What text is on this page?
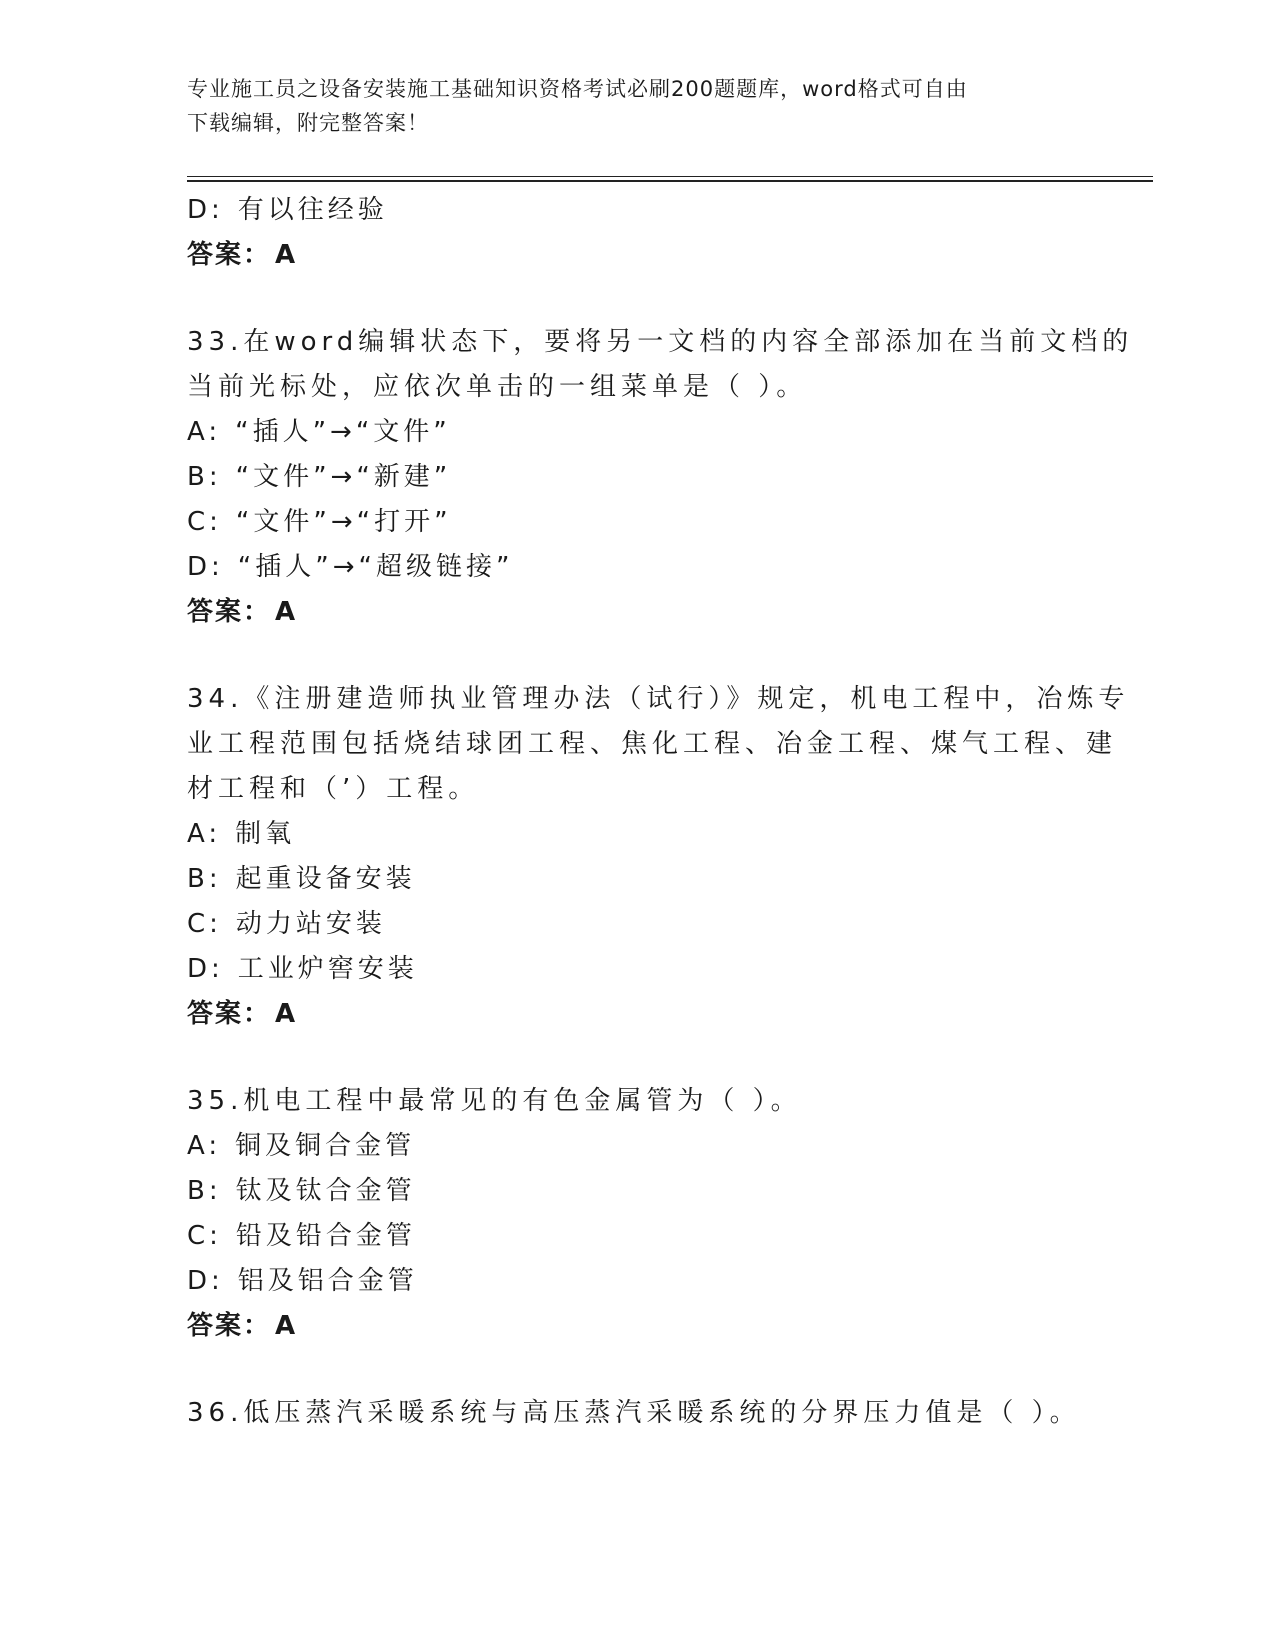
专业施工员之设备安装施工基础知识资格考试必刷200题题库，word格式可自由
下载编辑，附完整答案！
D: 有以往经验
答案： A
33.在word编辑状态下，要将另一文档的内容全部添加在当前文档的
当前光标处，应依次单击的一组菜单是（ ）。
A: “插人”→“文件”
B: “文件”→“新建”
C: “文件”→“打开”
D: “插人”→“超级链接”
答案： A
34.《注册建造师执业管理办法（试行）》规定，机电工程中，冶炼专
业工程范围包括烧结球团工程、焦化工程、冶金工程、煤气工程、建
材工程和（’）工程。
A: 制氧
B: 起重设备安装
C: 动力站安装
D: 工业炉窖安装
答案： A
35.机电工程中最常见的有色金属管为（ ）。
A: 铜及铜合金管
B: 钛及钛合金管
C: 铅及铅合金管
D: 铝及铝合金管
答案： A
36.低压蒸汽采暖系统与高压蒸汽采暖系统的分界压力值是（ ）。
